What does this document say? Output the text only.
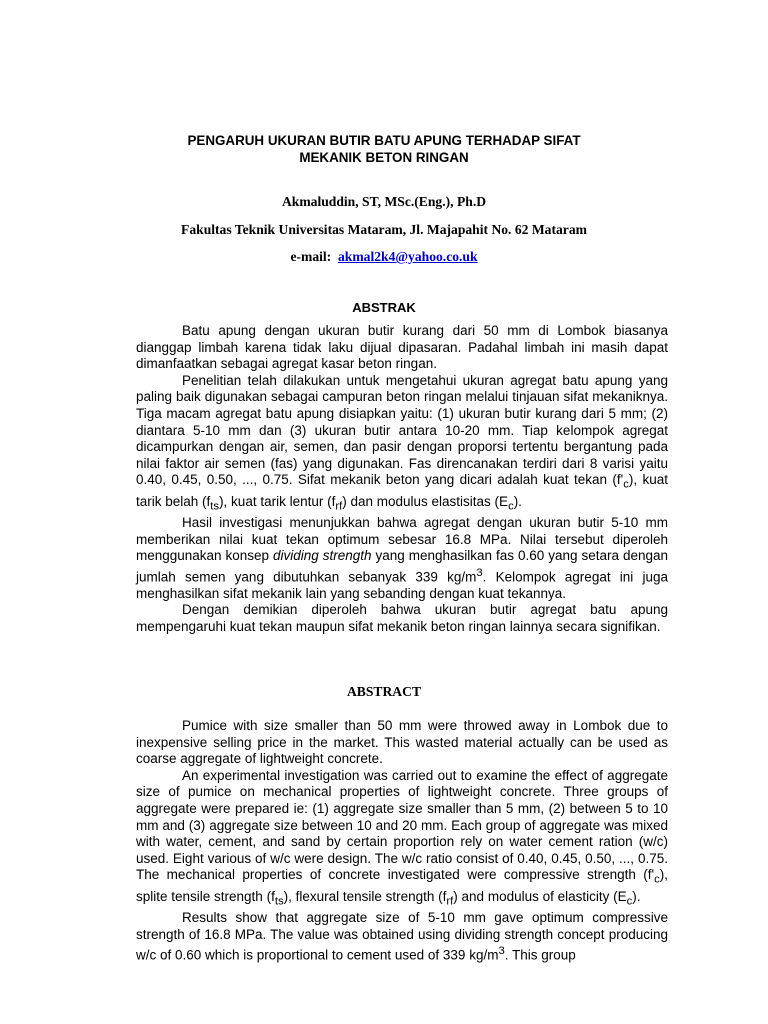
PENGARUH UKURAN BUTIR BATU APUNG TERHADAP SIFAT
MEKANIK BETON RINGAN
Akmaluddin, ST, MSc.(Eng.), Ph.D
Fakultas Teknik Universitas Mataram, Jl. Majapahit No. 62 Mataram
e-mail: akmal2k4@yahoo.co.uk
ABSTRAK

Batu apung dengan ukuran butir kurang dari 50 mm di Lombok biasanya dianggap limbah karena tidak laku dijual dipasaran. Padahal limbah ini masih dapat dimanfaatkan sebagai agregat kasar beton ringan.

Penelitian telah dilakukan untuk mengetahui ukuran agregat batu apung yang paling baik digunakan sebagai campuran beton ringan melalui tinjauan sifat mekaniknya. Tiga macam agregat batu apung disiapkan yaitu: (1) ukuran butir kurang dari 5 mm; (2) diantara 5-10 mm dan (3) ukuran butir antara 10-20 mm. Tiap kelompok agregat dicampurkan dengan air, semen, dan pasir dengan proporsi tertentu bergantung pada nilai faktor air semen (fas) yang digunakan. Fas direncanakan terdiri dari 8 varisi yaitu 0.40, 0.45, 0.50, ..., 0.75. Sifat mekanik beton yang dicari adalah kuat tekan $(f'_c)$, kuat tarik belah $(f_{ts})$, kuat tarik lentur $(f_{rf})$ dan modulus elastisitas $(E_c)$.

Hasil investigasi menunjukkan bahwa agregat dengan ukuran butir 5-10 mm memberikan nilai kuat tekan optimum sebesar 16.8 MPa. Nilai tersebut diperoleh menggunakan konsep dividing strength yang menghasilkan fas 0.60 yang setara dengan jumlah semen yang dibutuhkan sebanyak 339 $kg/m^3$. Kelompok agregat ini juga menghasilkan sifat mekanik lain yang sebanding dengan kuat tekannya.

Dengan demikian diperoleh bahwa ukuran butir agregat batu apung mempengaruhi kuat tekan maupun sifat mekanik beton ringan lainnya secara signifikan.

ABSTRACT

Pumice with size smaller than 50 mm were throwed away in Lombok due to inexpensive selling price in the market. This wasted material actually can be used as coarse aggregate of lightweight concrete.

An experimental investigation was carried out to examine the effect of aggregate size of pumice on mechanical properties of lightweight concrete. Three groups of aggregate were prepared ie: (1) aggregate size smaller than 5 mm, (2) between 5 to 10 mm and (3) aggregate size between 10 and 20 mm. Each group of aggregate was mixed with water, cement, and sand by certain proportion rely on water cement ration (w/c) used. Eight various of w/c were design. The w/c ratio consist of 0.40, 0.45, 0.50, ..., 0.75. The mechanical properties of concrete investigated were compressive strength $(f'_c)$, splite tensile strength $(f_{ts})$, flexural tensile strength $(f_{rf})$ and modulus of elasticity $(E_c)$.

Results show that aggregate size of 5-10 mm gave optimum compressive strength of 16.8 MPa. The value was obtained using dividing strength concept producing w/c of 0.60 which is proportional to cement used of 339 $kg/m^3$. This group
